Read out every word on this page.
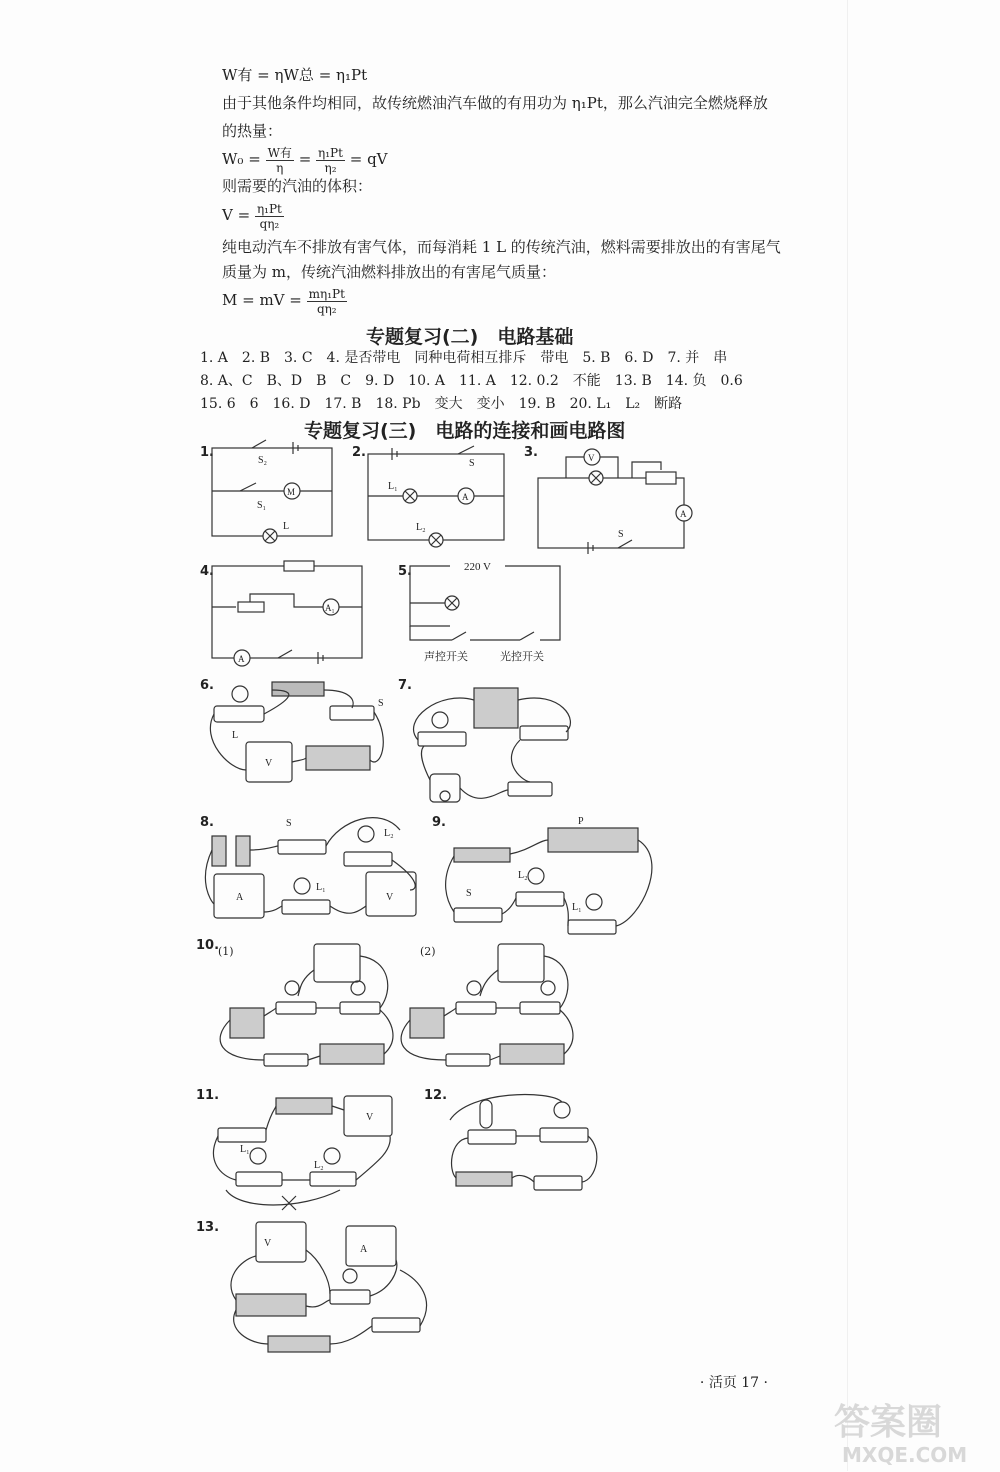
W有 = ηW总 = η₁Pt
由于其他条件均相同，故传统燃油汽车做的有用功为 η₁Pt，那么汽油完全燃烧释放
的热量：
$W_0 = \frac{\text{W有}}{\eta} = \frac{\text{η₁Pt}}{\text{η₂}}$ = qV
则需要的汽油的体积：
$V = \frac{\text{η₁Pt}}{\text{qη₂}}$
纯电动汽车不排放有害气体，而每消耗 1 L 的传统汽油，燃料需要排放出的有害尾气
质量为 m，传统汽油燃料排放出的有害尾气质量：
M = mV = $\frac{\text{mη₁Pt}}{\text{qη₂}}$
专题复习(二)　电路基础
1. A　2. B　3. C　4. 是否带电　同种电荷相互排斥　带电　5. B　6. D　7. 并　串
8. A、C　B、D　B　C　9. D　10. A　11. A　12. 0.2　不能　13. B　14. 负　0.6
15. 6　6　16. D　17. B　18. Pb　变大　变小　19. B　20. L₁　L₂　断路
专题复习(三)　电路的连接和画电路图
1.	2.	3.
4.	5.
6.	7.
8.	9.
10.
(1)	(2)
11.	12.
13.
S₂
S₁
M
L
S
L₁
A
L₂
V
A
S
A₁
A
220 V
声控开关	光控开关
V
S
L
S
L₂
L₁
A	V
P
L₂
L₁
S
L₁
L₂
V
V
A
· 活页 17 ·
答案圈
MXQE.COM
